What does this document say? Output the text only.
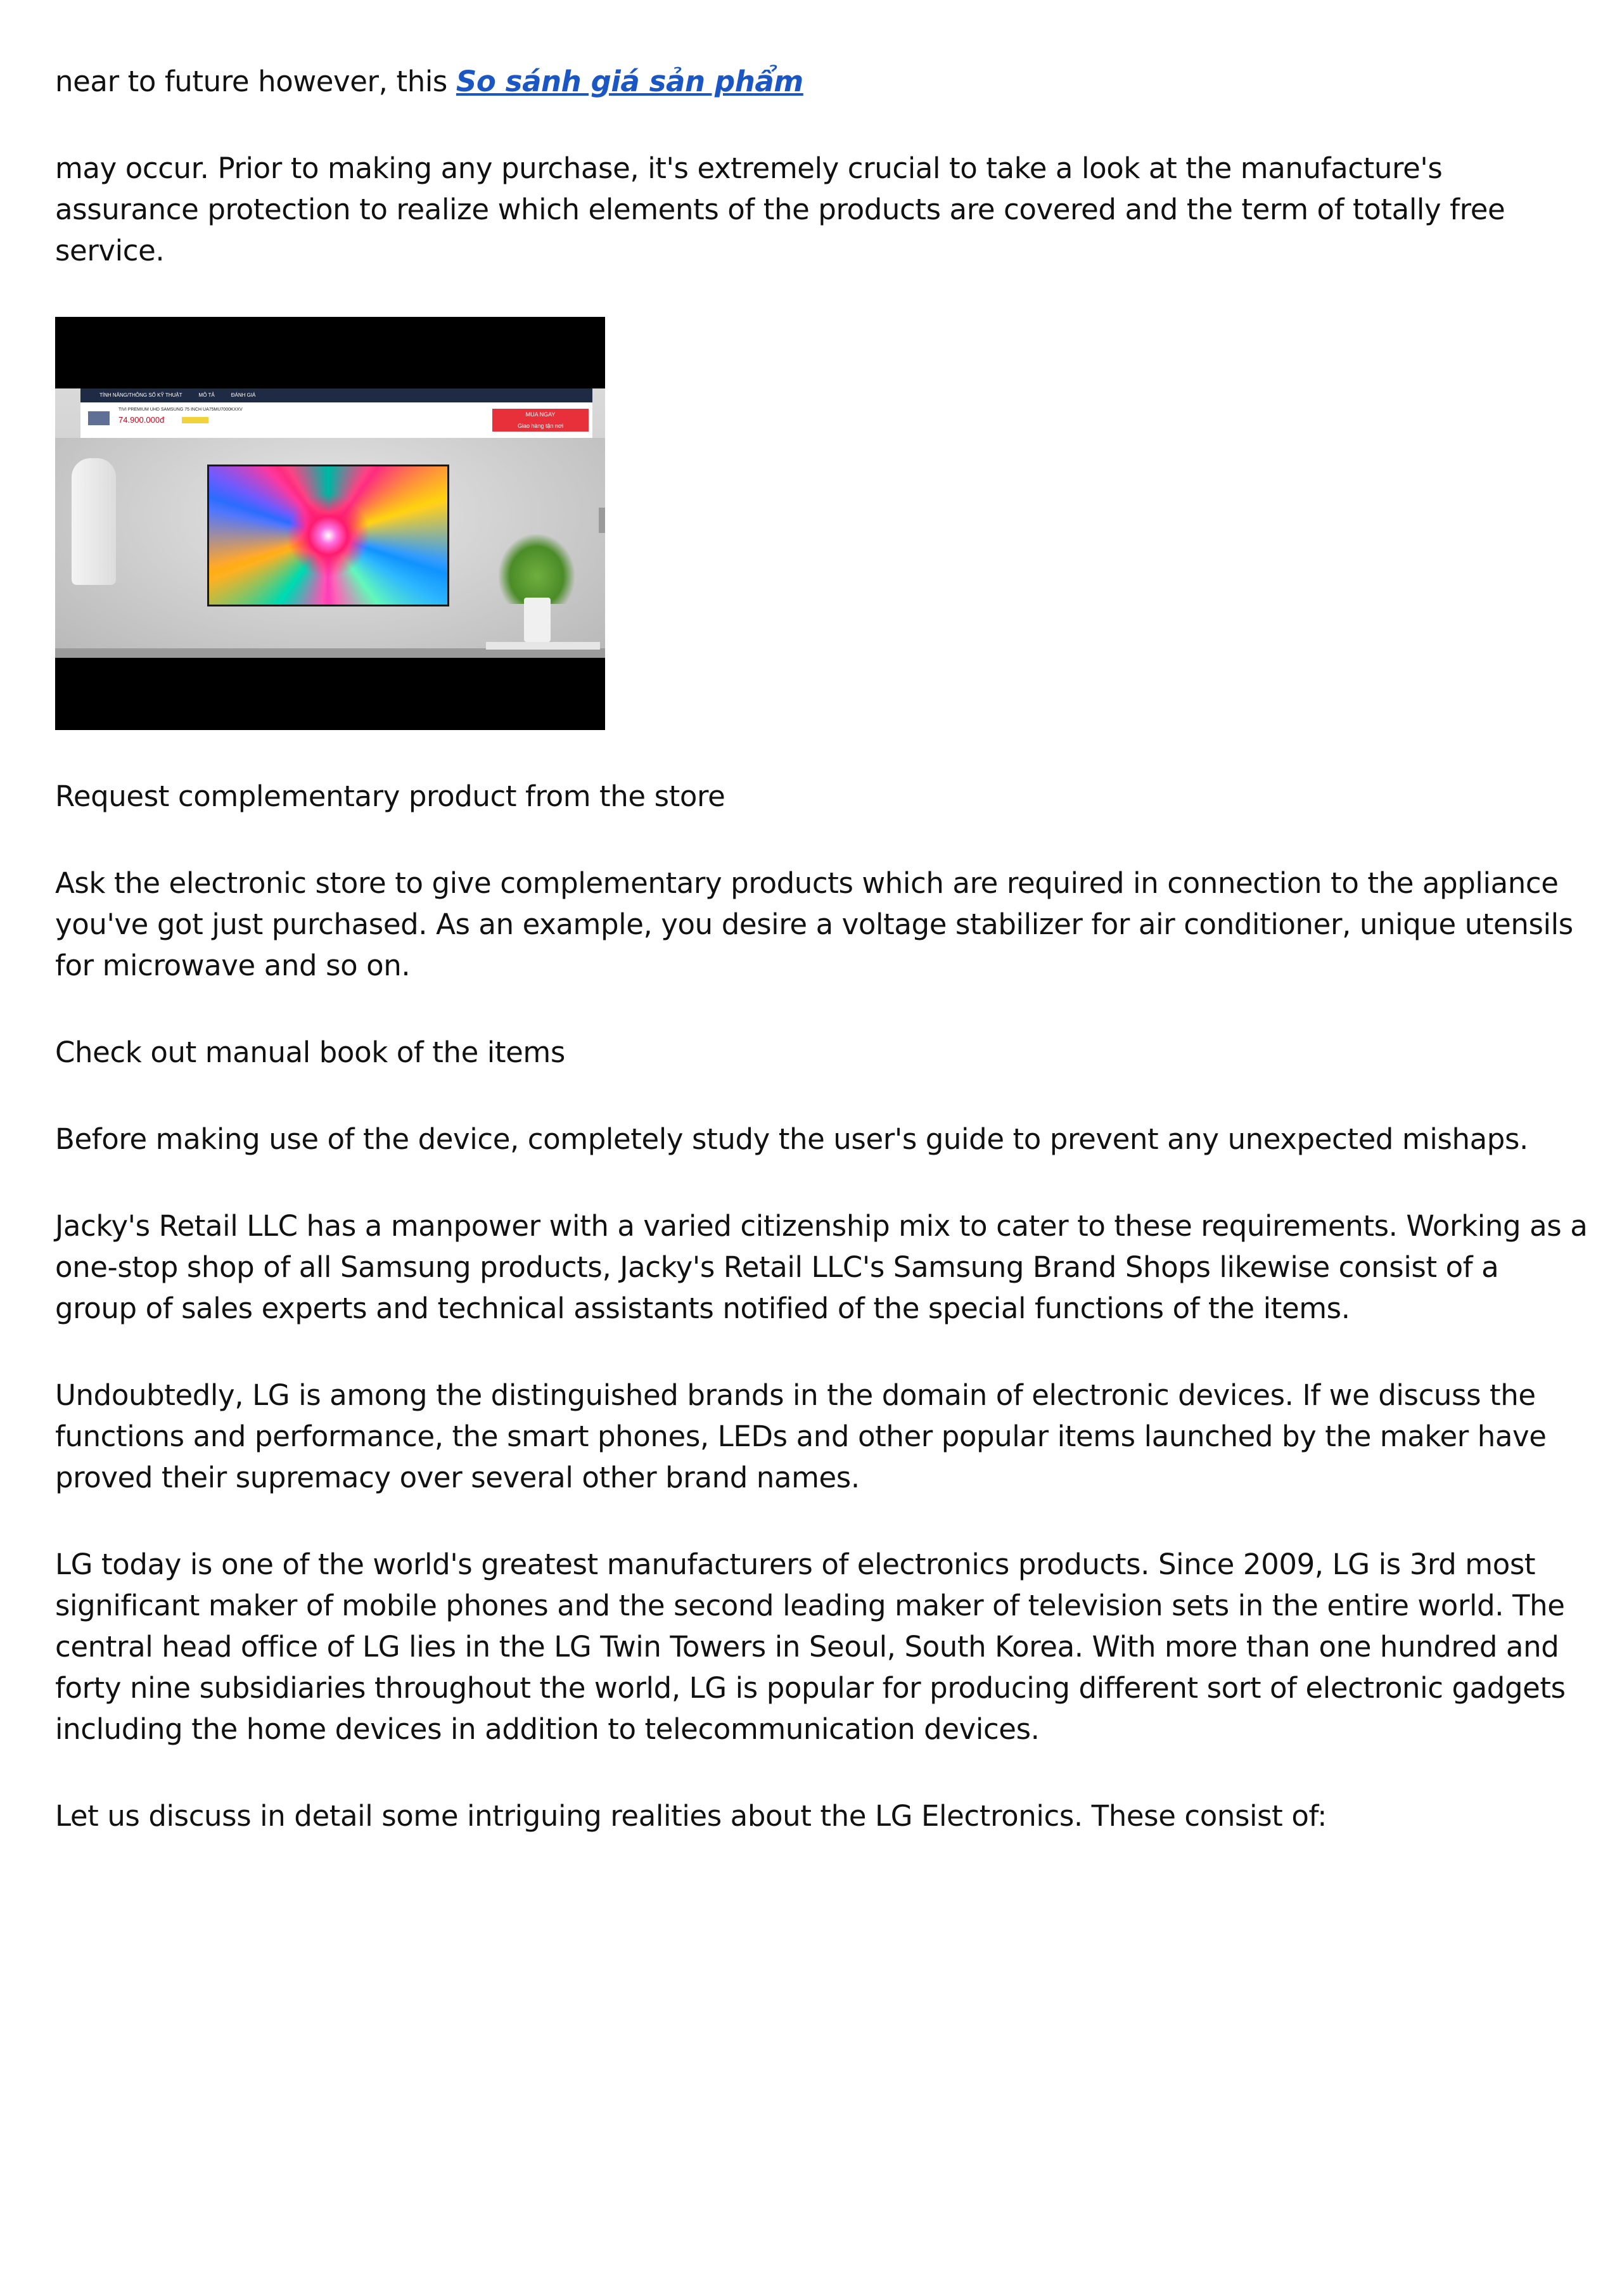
near to future however, this So sánh giá sản phẩm

may occur. Prior to making any purchase, it's extremely crucial to take a look at the manufacture's assurance protection to realize which elements of the products are covered and the term of totally free service.

TÍNH NĂNG/THÔNG SỐ KỸ THUẬT	MÔ TẢ	ĐÁNH GIÁ
TIVI PREMIUM UHD SAMSUNG 75 INCH UA75MU7000KXXV
74.900.000đ
MUA NGAY
Giao hàng tận nơi

Request complementary product from the store

Ask the electronic store to give complementary products which are required in connection to the appliance you've got just purchased. As an example, you desire a voltage stabilizer for air conditioner, unique utensils for microwave and so on.

Check out manual book of the items

Before making use of the device, completely study the user's guide to prevent any unexpected mishaps.

Jacky's Retail LLC has a manpower with a varied citizenship mix to cater to these requirements. Working as a one-stop shop of all Samsung products, Jacky's Retail LLC's Samsung Brand Shops likewise consist of a group of sales experts and technical assistants notified of the special functions of the items.

Undoubtedly, LG is among the distinguished brands in the domain of electronic devices. If we discuss the functions and performance, the smart phones, LEDs and other popular items launched by the maker have proved their supremacy over several other brand names.

LG today is one of the world's greatest manufacturers of electronics products. Since 2009, LG is 3rd most significant maker of mobile phones and the second leading maker of television sets in the entire world. The central head office of LG lies in the LG Twin Towers in Seoul, South Korea. With more than one hundred and forty nine subsidiaries throughout the world, LG is popular for producing different sort of electronic gadgets including the home devices in addition to telecommunication devices.

Let us discuss in detail some intriguing realities about the LG Electronics. These consist of:
